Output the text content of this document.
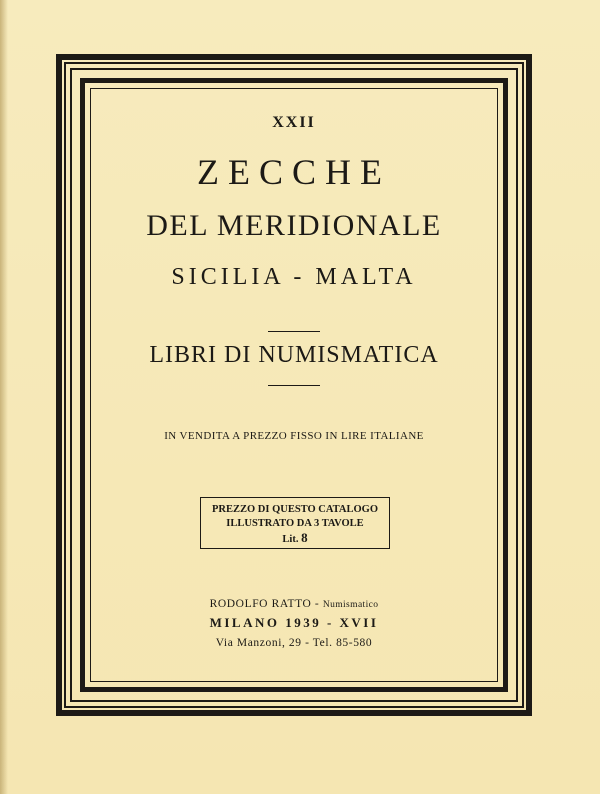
XXII
ZECCHE
DEL MERIDIONALE
SICILIA - MALTA
LIBRI DI NUMISMATICA
IN VENDITA A PREZZO FISSO IN LIRE ITALIANE
PREZZO DI QUESTO CATALOGO
ILLUSTRATO DA 3 TAVOLE
Lit. 8
RODOLFO RATTO - Numismatico
MILANO 1939 - XVII
Via Manzoni, 29 - Tel. 85-580
